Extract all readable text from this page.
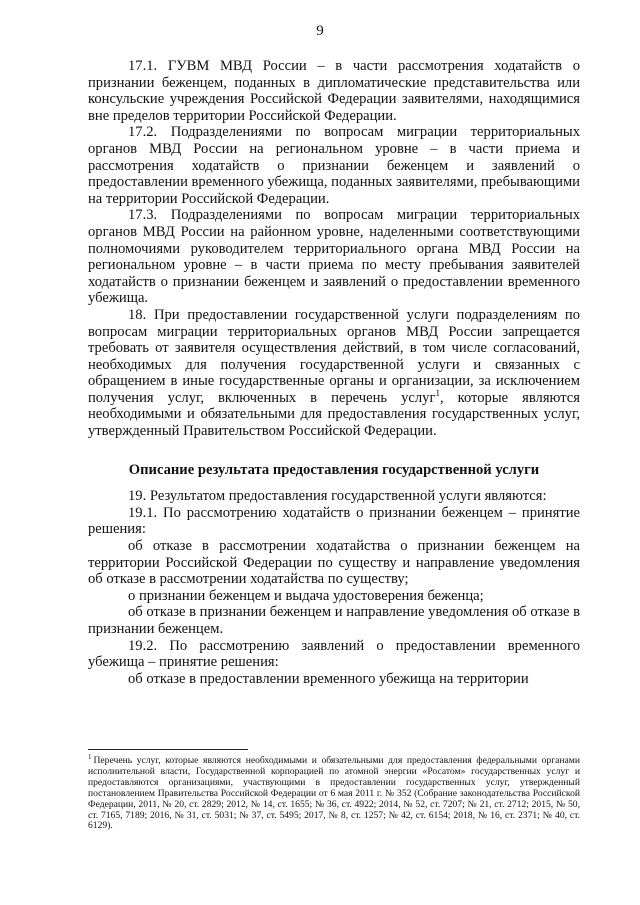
9

17.1. ГУВМ МВД России – в части рассмотрения ходатайств о признании беженцем, поданных в дипломатические представительства или консульские учреждения Российской Федерации заявителями, находящимися вне пределов территории Российской Федерации.

17.2. Подразделениями по вопросам миграции территориальных органов МВД России на региональном уровне – в части приема и рассмотрения ходатайств о признании беженцем и заявлений о предоставлении временного убежища, поданных заявителями, пребывающими на территории Российской Федерации.

17.3. Подразделениями по вопросам миграции территориальных органов МВД России на районном уровне, наделенными соответствующими полномочиями руководителем территориального органа МВД России на региональном уровне – в части приема по месту пребывания заявителей ходатайств о признании беженцем и заявлений о предоставлении временного убежища.

18. При предоставлении государственной услуги подразделениям по вопросам миграции территориальных органов МВД России запрещается требовать от заявителя осуществления действий, в том числе согласований, необходимых для получения государственной услуги и связанных с обращением в иные государственные органы и организации, за исключением получения услуг, включенных в перечень услуг$^1$, которые являются необходимыми и обязательными для предоставления государственных услуг, утвержденный Правительством Российской Федерации.

Описание результата предоставления государственной услуги

19. Результатом предоставления государственной услуги являются:

19.1. По рассмотрению ходатайств о признании беженцем – принятие решения:

об отказе в рассмотрении ходатайства о признании беженцем на территории Российской Федерации по существу и направление уведомления об отказе в рассмотрении ходатайства по существу;

о признании беженцем и выдача удостоверения беженца;

об отказе в признании беженцем и направление уведомления об отказе в признании беженцем.

19.2. По рассмотрению заявлений о предоставлении временного убежища – принятие решения:

об отказе в предоставлении временного убежища на территории

$^1$ Перечень услуг, которые являются необходимыми и обязательными для предоставления федеральными органами исполнительной власти, Государственной корпорацией по атомной энергии «Росатом» государственных услуг и предоставляются организациями, участвующими в предоставлении государственных услуг, утвержденный постановлением Правительства Российской Федерации от 6 мая 2011 г. № 352 (Собрание законодательства Российской Федерации, 2011, № 20, ст. 2829; 2012, № 14, ст. 1655; № 36, ст. 4922; 2014, № 52, ст. 7207; № 21, ст. 2712; 2015, № 50, ст. 7165, 7189; 2016, № 31, ст. 5031; № 37, ст. 5495; 2017, № 8, ст. 1257; № 42, ст. 6154; 2018, № 16, ст. 2371; № 40, ст. 6129).
